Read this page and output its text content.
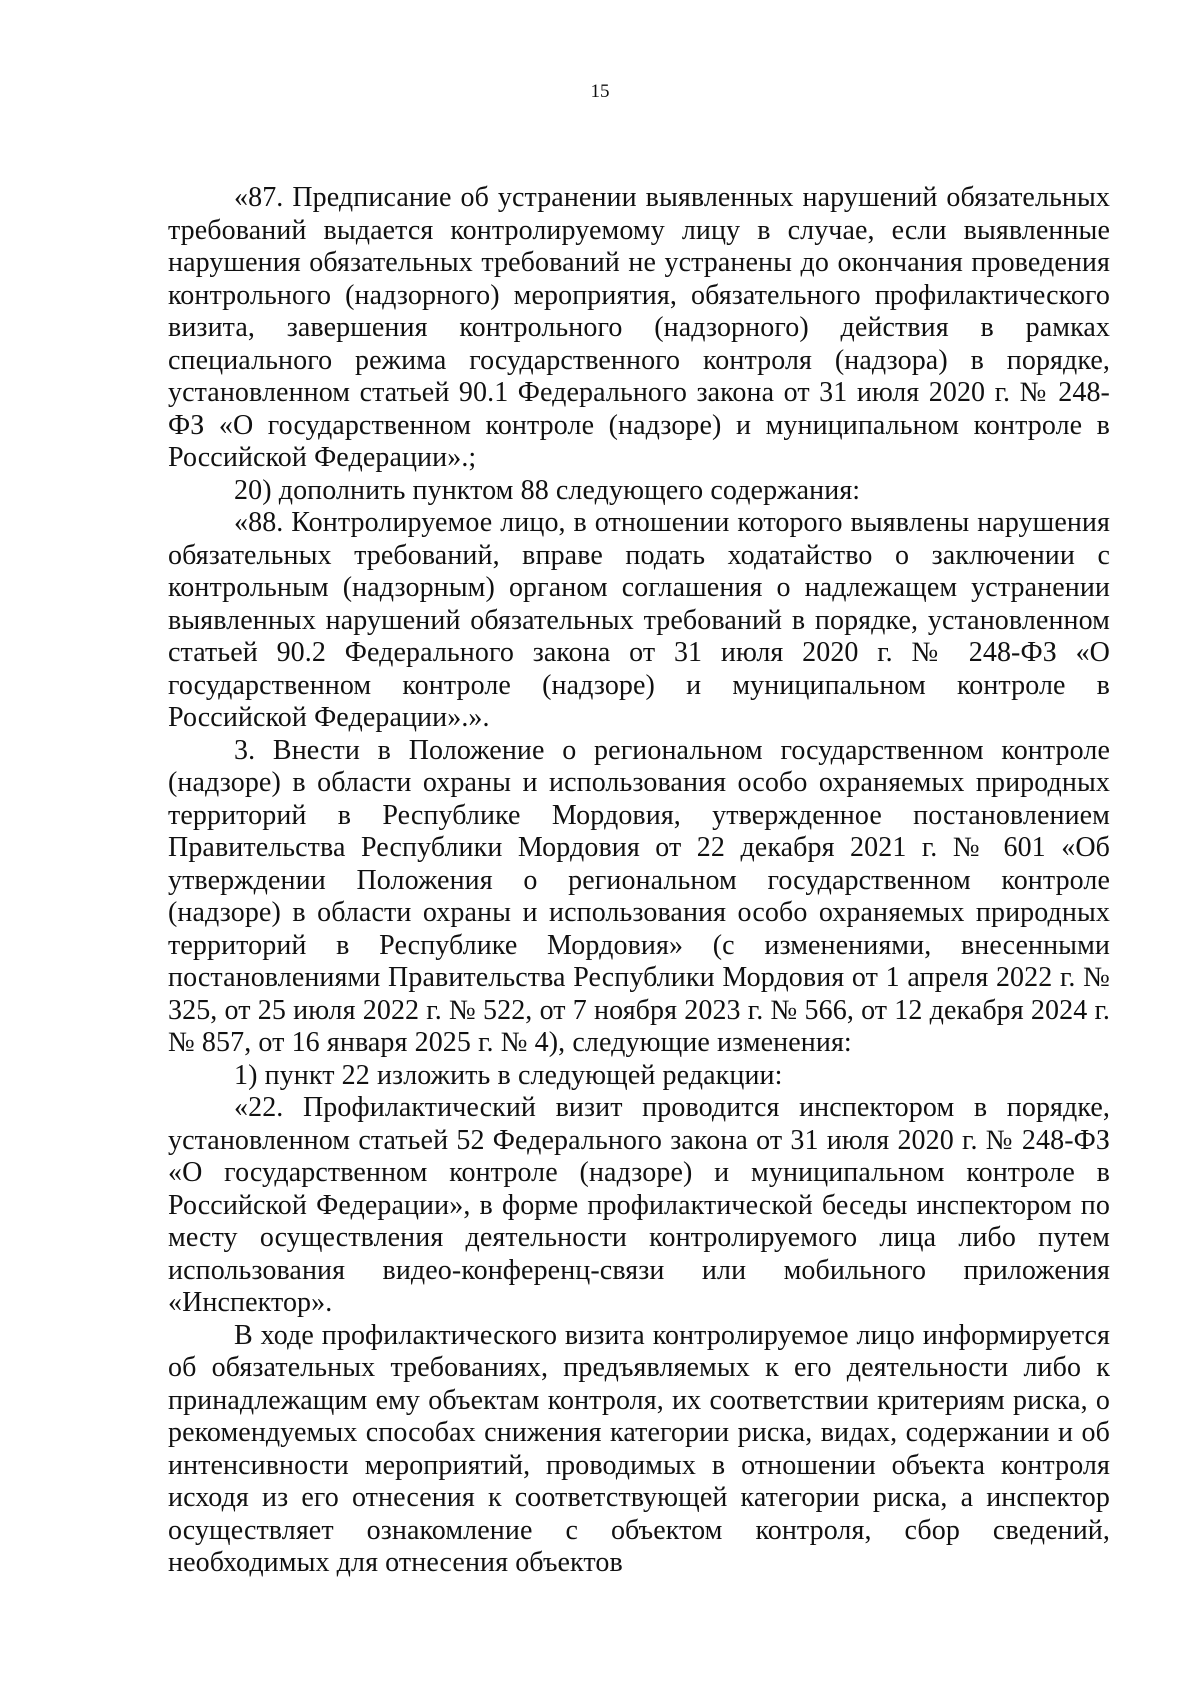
15

«87. Предписание об устранении выявленных нарушений обязательных требований выдается контролируемому лицу в случае, если выявленные нарушения обязательных требований не устранены до окончания проведения контрольного (надзорного) мероприятия, обязательного профилактического визита, завершения контрольного (надзорного) действия в рамках специального режима государственного контроля (надзора) в порядке, установленном статьей 90.1 Федерального закона от 31 июля 2020 г. № 248-ФЗ «О государственном контроле (надзоре) и муниципальном контроле в Российской Федерации».;

20) дополнить пунктом 88 следующего содержания:

«88. Контролируемое лицо, в отношении которого выявлены нарушения обязательных требований, вправе подать ходатайство о заключении с контрольным (надзорным) органом соглашения о надлежащем устранении выявленных нарушений обязательных требований в порядке, установленном статьей 90.2 Федерального закона от 31 июля 2020 г. № 248-ФЗ «О государственном контроле (надзоре) и муниципальном контроле в Российской Федерации».».

3. Внести в Положение о региональном государственном контроле (надзоре) в области охраны и использования особо охраняемых природных территорий в Республике Мордовия, утвержденное постановлением Правительства Республики Мордовия от 22 декабря 2021 г. № 601 «Об утверждении Положения о региональном государственном контроле (надзоре) в области охраны и использования особо охраняемых природных территорий в Республике Мордовия» (с изменениями, внесенными постановлениями Правительства Республики Мордовия от 1 апреля 2022 г. № 325, от 25 июля 2022 г. № 522, от 7 ноября 2023 г. № 566, от 12 декабря 2024 г. № 857, от 16 января 2025 г. № 4), следующие изменения:

1) пункт 22 изложить в следующей редакции:

«22. Профилактический визит проводится инспектором в порядке, установленном статьей 52 Федерального закона от 31 июля 2020 г. № 248-ФЗ «О государственном контроле (надзоре) и муниципальном контроле в Российской Федерации», в форме профилактической беседы инспектором по месту осуществления деятельности контролируемого лица либо путем использования видео-конференц-связи или мобильного приложения «Инспектор».

В ходе профилактического визита контролируемое лицо информируется об обязательных требованиях, предъявляемых к его деятельности либо к принадлежащим ему объектам контроля, их соответствии критериям риска, о рекомендуемых способах снижения категории риска, видах, содержании и об интенсивности мероприятий, проводимых в отношении объекта контроля исходя из его отнесения к соответствующей категории риска, а инспектор осуществляет ознакомление с объектом контроля, сбор сведений, необходимых для отнесения объектов
